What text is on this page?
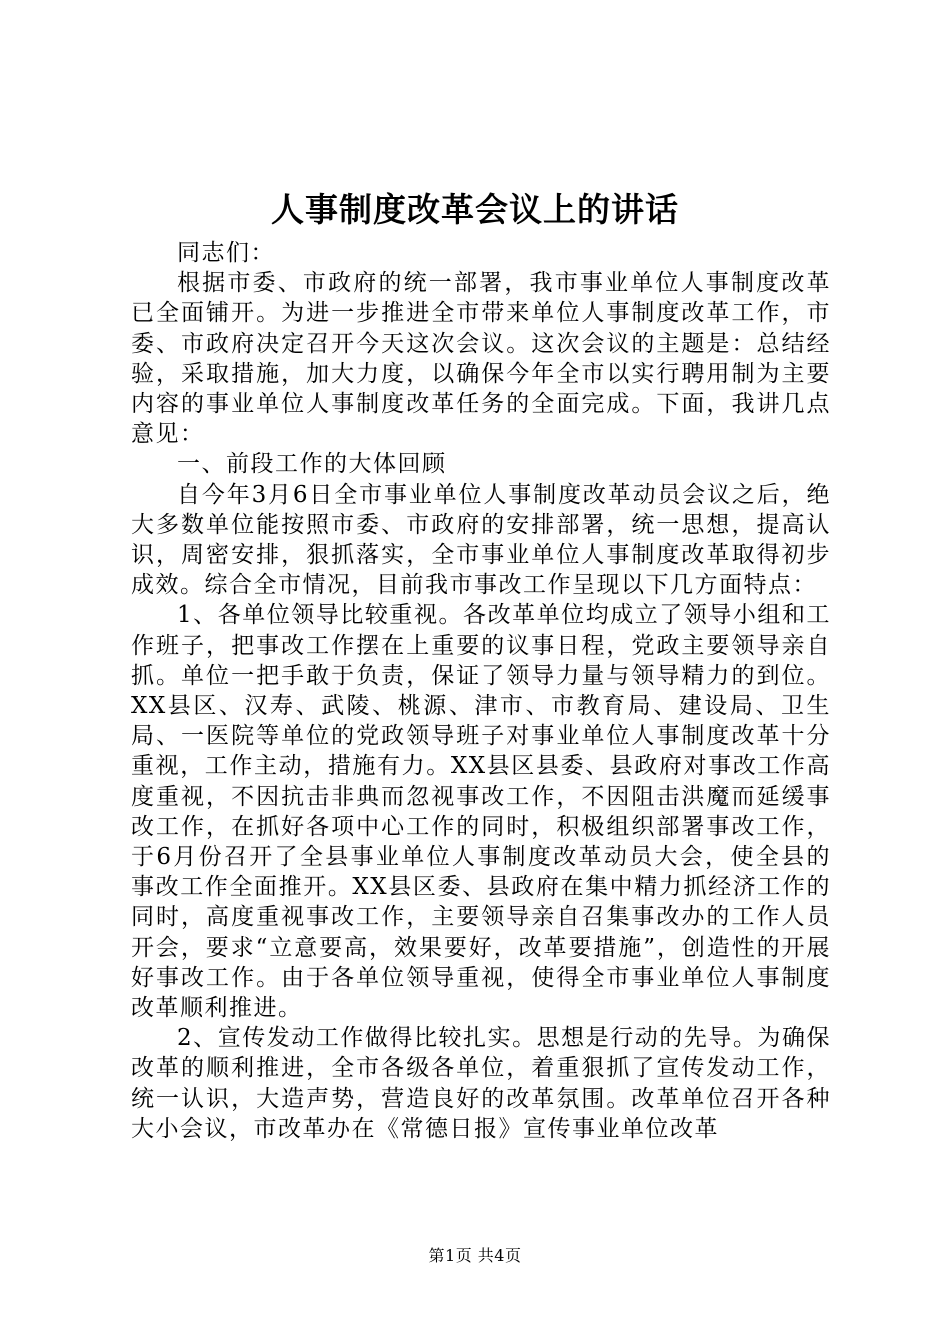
人事制度改革会议上的讲话

同志们：

根据市委、市政府的统一部署，我市事业单位人事制度改革已全面铺开。为进一步推进全市带来单位人事制度改革工作，市委、市政府决定召开今天这次会议。这次会议的主题是：总结经验，采取措施，加大力度，以确保今年全市以实行聘用制为主要内容的事业单位人事制度改革任务的全面完成。下面，我讲几点意见：

一、前段工作的大体回顾

自今年3月6日全市事业单位人事制度改革动员会议之后，绝大多数单位能按照市委、市政府的安排部署，统一思想，提高认识，周密安排，狠抓落实，全市事业单位人事制度改革取得初步成效。综合全市情况，目前我市事改工作呈现以下几方面特点：

1、各单位领导比较重视。各改革单位均成立了领导小组和工作班子，把事改工作摆在上重要的议事日程，党政主要领导亲自抓。单位一把手敢于负责，保证了领导力量与领导精力的到位。XX县区、汉寿、武陵、桃源、津市、市教育局、建设局、卫生局、一医院等单位的党政领导班子对事业单位人事制度改革十分重视，工作主动，措施有力。XX县区县委、县政府对事改工作高度重视，不因抗击非典而忽视事改工作，不因阻击洪魔而延缓事改工作，在抓好各项中心工作的同时，积极组织部署事改工作，于6月份召开了全县事业单位人事制度改革动员大会，使全县的事改工作全面推开。XX县区委、县政府在集中精力抓经济工作的同时，高度重视事改工作，主要领导亲自召集事改办的工作人员开会，要求“立意要高，效果要好，改革要措施”，创造性的开展好事改工作。由于各单位领导重视，使得全市事业单位人事制度改革顺利推进。

2、宣传发动工作做得比较扎实。思想是行动的先导。为确保改革的顺利推进，全市各级各单位，着重狠抓了宣传发动工作，统一认识，大造声势，营造良好的改革氛围。改革单位召开各种大小会议，市改革办在《常德日报》宣传事业单位改革

第1页 共4页
